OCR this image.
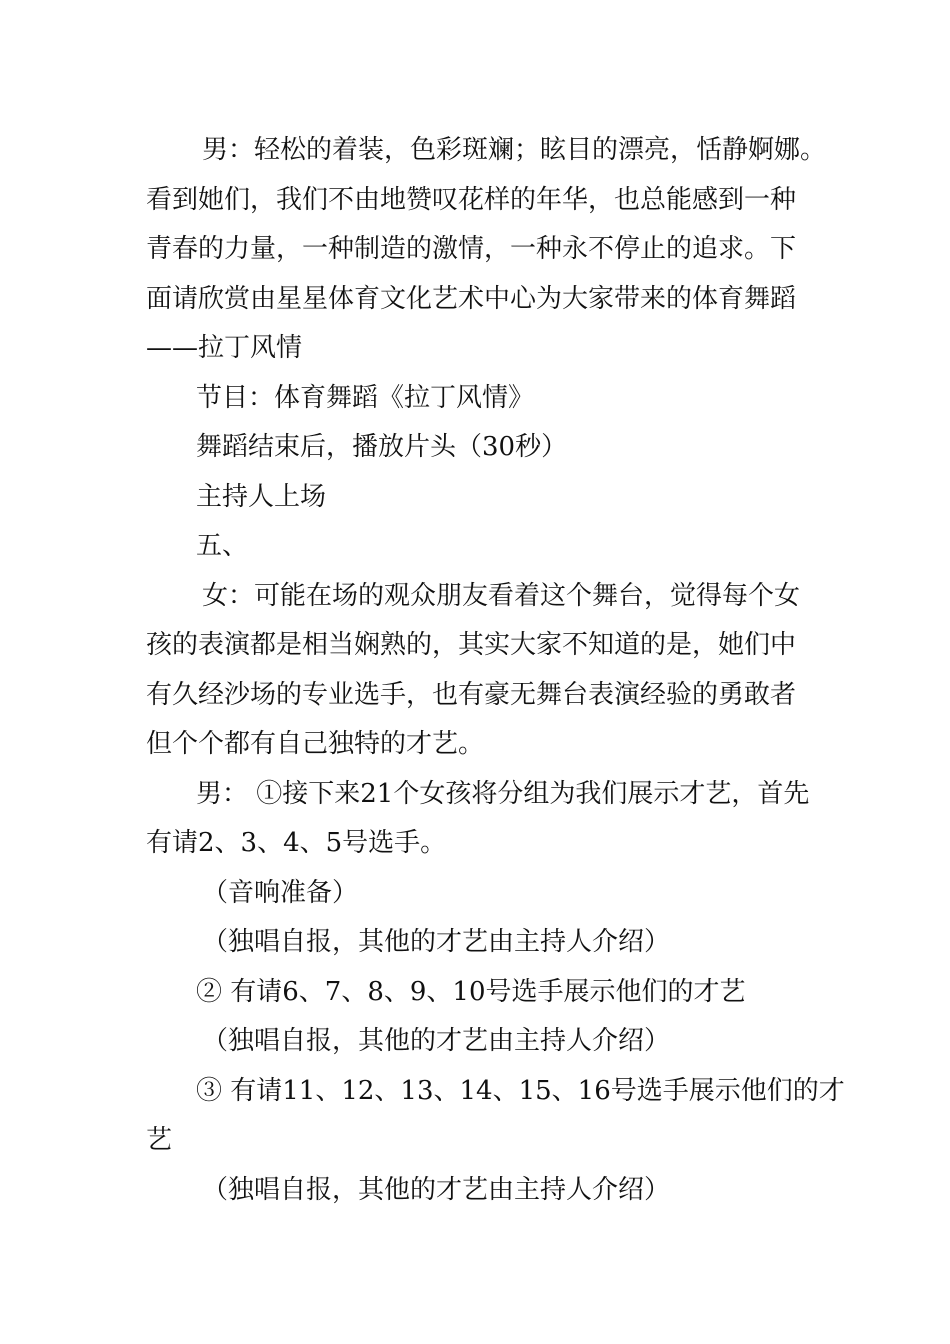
男：轻松的着装，色彩斑斓；眩目的漂亮，恬静婀娜。
看到她们，我们不由地赞叹花样的年华，也总能感到一种
青春的力量，一种制造的激情，一种永不停止的追求。下
面请欣赏由星星体育文化艺术中心为大家带来的体育舞蹈
——拉丁风情
节目：体育舞蹈《拉丁风情》
舞蹈结束后，播放片头（30秒）
主持人上场
五、
女：可能在场的观众朋友看着这个舞台，觉得每个女
孩的表演都是相当娴熟的，其实大家不知道的是，她们中
有久经沙场的专业选手，也有豪无舞台表演经验的勇敢者
但个个都有自己独特的才艺。
男： ①接下来21个女孩将分组为我们展示才艺，首先
有请2、3、4、5号选手。
（音响准备）
（独唱自报，其他的才艺由主持人介绍）
② 有请6、7、8、9、10号选手展示他们的才艺
（独唱自报，其他的才艺由主持人介绍）
③ 有请11、12、13、14、15、16号选手展示他们的才
艺
（独唱自报，其他的才艺由主持人介绍）
